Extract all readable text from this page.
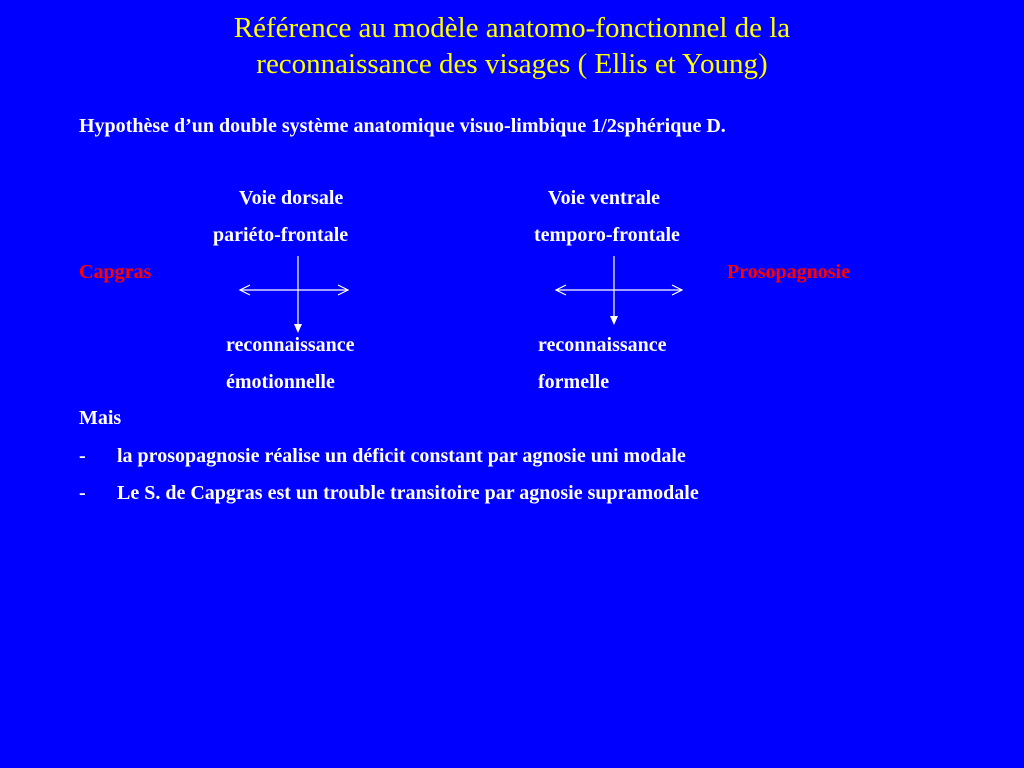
Référence au modèle anatomo-fonctionnel de la
reconnaissance des visages ( Ellis et Young)
Hypothèse d’un double système anatomique visuo-limbique 1/2sphérique D.
Voie dorsale	Voie ventrale
pariéto-frontale	temporo-frontale
Capgras	Prosopagnosie
reconnaissance	reconnaissance
émotionnelle	formelle
Mais
- la prosopagnosie réalise un déficit constant par agnosie uni modale
- Le S. de Capgras est un trouble transitoire par agnosie supramodale
